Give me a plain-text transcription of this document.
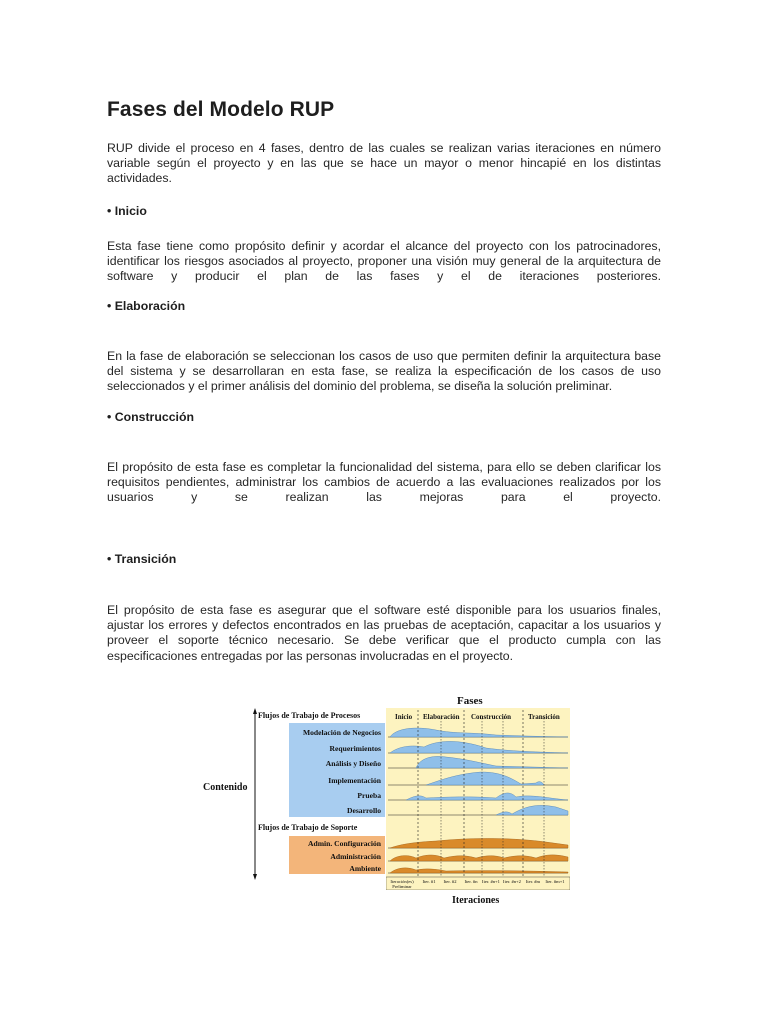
Fases del Modelo RUP

RUP divide el proceso en 4 fases, dentro de las cuales se realizan varias iteraciones en número variable según el proyecto y en las que se hace un mayor o menor hincapié en los distintas actividades.

• Inicio

Esta fase tiene como propósito definir y acordar el alcance del proyecto con los patrocinadores, identificar los riesgos asociados al proyecto, proponer una visión muy general de la arquitectura de software y producir el plan de las fases y el de iteraciones posteriores.

• Elaboración

En la fase de elaboración se seleccionan los casos de uso que permiten definir la arquitectura base del sistema y se desarrollaran en esta fase, se realiza la especificación de los casos de uso seleccionados y el primer análisis del dominio del problema, se diseña la solución preliminar.

• Construcción

El propósito de esta fase es completar la funcionalidad del sistema, para ello se deben clarificar los requisitos pendientes, administrar los cambios de acuerdo a las evaluaciones realizados por los usuarios y se realizan las mejoras para el proyecto.

• Transición

El propósito de esta fase es asegurar que el software esté disponible para los usuarios finales, ajustar los errores y defectos encontrados en las pruebas de aceptación, capacitar a los usuarios y proveer el soporte técnico necesario. Se debe verificar que el producto cumpla con las especificaciones entregadas por las personas involucradas en el proyecto.

Fases
Flujos de Trabajo de Procesos
Contenido
Flujos de Trabajo de Soporte
Modelación de Negocios
Requerimientos
Análisis y Diseño
Implementación
Prueba
Desarrollo
Admin. Configuración
Administración
Ambiente
Inicio Elaboración Construcción Transición
Iteración(es) Preliminar
Iter. #1	Iter. #2	Iter. #n Iter. #n+1 Iter. #n+2	Iter. #m	Iter. #m+1
Iteraciones
